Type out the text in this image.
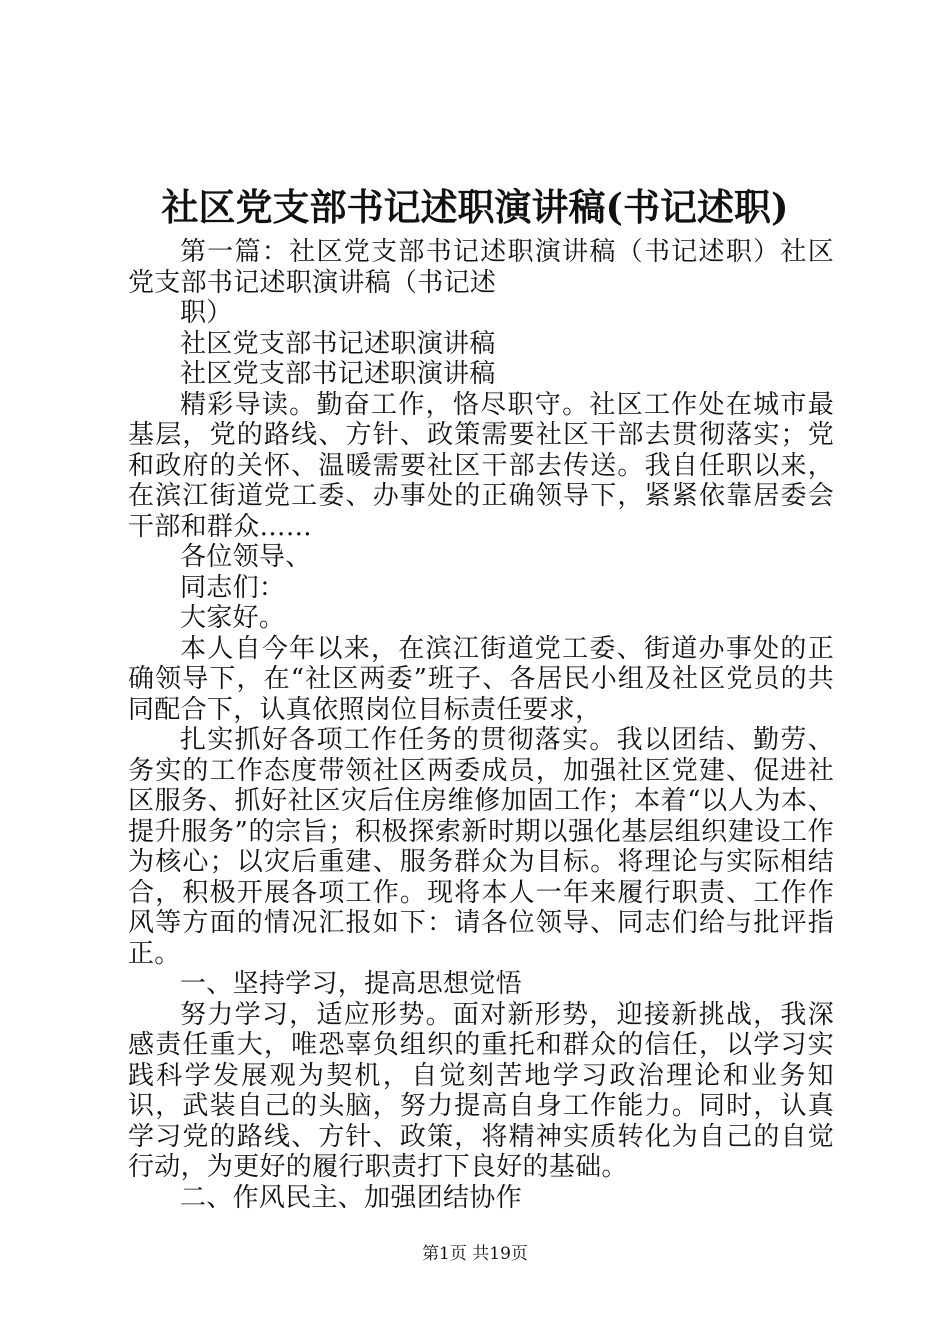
社区党支部书记述职演讲稿(书记述职)

第一篇：社区党支部书记述职演讲稿（书记述职）社区党支部书记述职演讲稿（书记述

职）

社区党支部书记述职演讲稿

社区党支部书记述职演讲稿

精彩导读。勤奋工作，恪尽职守。社区工作处在城市最基层，党的路线、方针、政策需要社区干部去贯彻落实；党和政府的关怀、温暖需要社区干部去传送。我自任职以来，在滨江街道党工委、办事处的正确领导下，紧紧依靠居委会干部和群众……

各位领导、

同志们：

大家好。

本人自今年以来，在滨江街道党工委、街道办事处的正确领导下，在“社区两委”班子、各居民小组及社区党员的共同配合下，认真依照岗位目标责任要求，

扎实抓好各项工作任务的贯彻落实。我以团结、勤劳、务实的工作态度带领社区两委成员，加强社区党建、促进社区服务、抓好社区灾后住房维修加固工作；本着“以人为本、提升服务”的宗旨；积极探索新时期以强化基层组织建设工作为核心；以灾后重建、服务群众为目标。将理论与实际相结合，积极开展各项工作。现将本人一年来履行职责、工作作风等方面的情况汇报如下：请各位领导、同志们给与批评指正。

一、坚持学习，提高思想觉悟

努力学习，适应形势。面对新形势，迎接新挑战，我深感责任重大，唯恐辜负组织的重托和群众的信任，以学习实践科学发展观为契机，自觉刻苦地学习政治理论和业务知识，武装自己的头脑，努力提高自身工作能力。同时，认真学习党的路线、方针、政策，将精神实质转化为自己的自觉行动，为更好的履行职责打下良好的基础。

二、作风民主、加强团结协作

第1页 共19页
